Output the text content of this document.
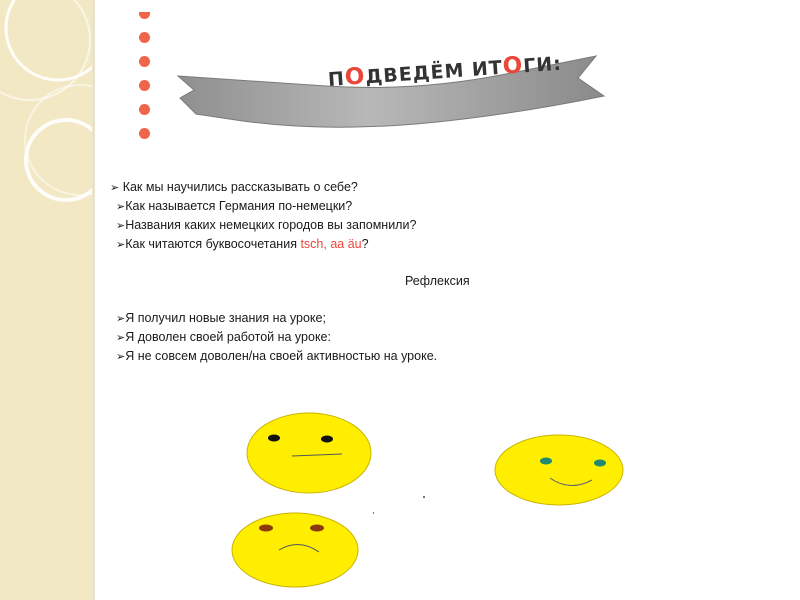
ПОДВЕДЁМ ИТОГИ:
➢ Как мы научились рассказывать о себе?
➢Как называется Германия по-немецки?
➢Названия каких немецких городов вы запомнили?
➢Как читаются буквосочетания tsch, aa äu?
Рефлексия
➢Я получил новые знания на уроке;
➢Я доволен своей работой на уроке:
➢Я не совсем доволен/на своей активностью на уроке.
